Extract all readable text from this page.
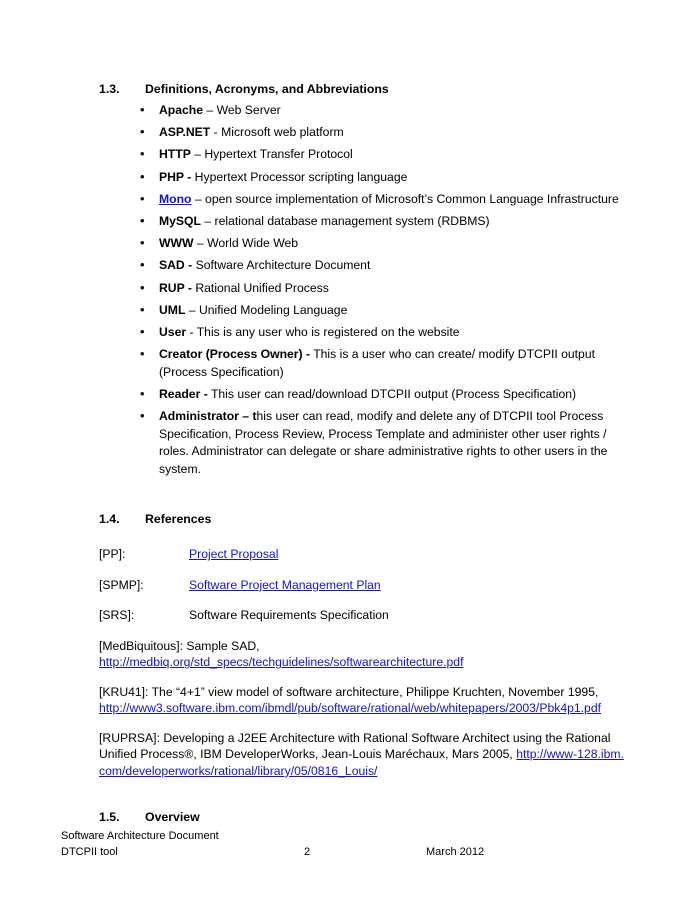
1.3.	Definitions, Acronyms, and Abbreviations
• Apache – Web Server
• ASP.NET - Microsoft web platform
• HTTP – Hypertext Transfer Protocol
• PHP - Hypertext Processor scripting language
• Mono – open source implementation of Microsoft’s Common Language Infrastructure
• MySQL – relational database management system (RDBMS)
• WWW – World Wide Web
• SAD - Software Architecture Document
• RUP - Rational Unified Process
• UML – Unified Modeling Language
• User - This is any user who is registered on the website
• Creator (Process Owner) - This is a user who can create/ modify DTCPII output (Process Specification)
• Reader - This user can read/download DTCPII output (Process Specification)
• Administrator – this user can read, modify and delete any of DTCPII tool Process Specification, Process Review, Process Template and administer other user rights / roles. Administrator can delegate or share administrative rights to other users in the system.
1.4.	References
[PP]:	Project Proposal
[SPMP]:	Software Project Management Plan
[SRS]:	Software Requirements Specification
[MedBiquitous]: Sample SAD,
http://medbiq.org/std_specs/techguidelines/softwarearchitecture.pdf
[KRU41]: The “4+1” view model of software architecture, Philippe Kruchten, November 1995,
http://www3.software.ibm.com/ibmdl/pub/software/rational/web/whitepapers/2003/Pbk4p1.pdf
[RUPRSA]: Developing a J2EE Architecture with Rational Software Architect using the Rational Unified Process®, IBM DeveloperWorks, Jean-Louis Maréchaux, Mars 2005, http://www-128.ibm.com/developerworks/rational/library/05/0816_Louis/
1.5.	Overview
Software Architecture Document
DTCPII tool	2	March 2012
